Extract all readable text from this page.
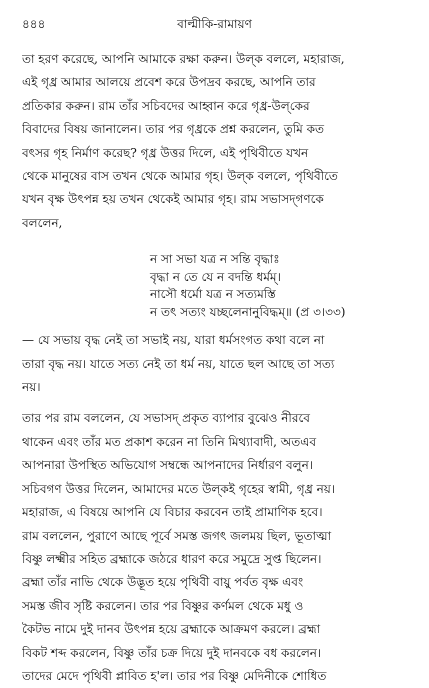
৪৪৪	বাল্মীকি-রামায়ণ

তা হরণ করেছে, আপনি আমাকে রক্ষা করুন। উল্‌ক বললে, মহারাজ,
এই গৃধ্র আমার আলয়ে প্রবেশ করে উপদ্রব করছে, আপনি তার
প্রতিকার করুন। রাম তাঁর সচিবদের আহ্বান করে গৃধ্র-উল্‌কের
বিবাদের বিষয় জানালেন। তার পর গৃধ্রকে প্রশ্ন করলেন, তুমি কত
বৎসর গৃহ নির্মাণ করেছ? গৃধ্র উত্তর দিলে, এই পৃথিবীতে যখন
থেকে মানুষের বাস তখন থেকে আমার গৃহ। উল্‌ক বললে, পৃথিবীতে
যখন বৃক্ষ উৎপন্ন হয় তখন থেকেই আমার গৃহ। রাম সভাসদ্‌গণকে
বললেন,

ন সা সভা যত্র ন সন্তি বৃদ্ধাঃ
বৃদ্ধা ন তে যে ন বদন্তি ধর্মম্‌।
নাসৌ ধর্মো যত্র ন সত্যমস্তি
ন তৎ সত্যং যচ্ছলেনানুবিদ্ধম্‌॥ (প্র ৩।৩৩)

— যে সভায় বৃদ্ধ নেই তা সভাই নয়, যারা ধর্মসংগত কথা বলে না
তারা বৃদ্ধ নয়। যাতে সত্য নেই তা ধর্ম নয়, যাতে ছল আছে তা সত্য
নয়।

তার পর রাম বললেন, যে সভাসদ্‌ প্রকৃত ব্যাপার বুঝেও নীরবে
থাকেন এবং তাঁর মত প্রকাশ করেন না তিনি মিথ্যাবাদী, অতএব
আপনারা উপস্থিত অভিযোগ সম্বন্ধে আপনাদের নির্ধারণ বলুন।
সচিবগণ উত্তর দিলেন, আমাদের মতে উল্‌কই গৃহের স্বামী, গৃধ্র নয়।
মহারাজ, এ বিষয়ে আপনি যে বিচার করবেন তাই প্রামাণিক হবে।
রাম বললেন, পুরাণে আছে পূর্বে সমস্ত জগৎ জলময় ছিল, ভূতাত্মা
বিষ্ণু লক্ষ্মীর সহিত ব্রহ্মাকে জঠরে ধারণ করে সমুদ্রে সুপ্ত ছিলেন।
ব্রহ্মা তাঁর নাভি থেকে উদ্ভূত হয়ে পৃথিবী বায়ু পর্বত বৃক্ষ এবং
সমস্ত জীব সৃষ্টি করলেন। তার পর বিষ্ণুর কর্ণমল থেকে মধু ও
কৈটভ নামে দুই দানব উৎপন্ন হয়ে ব্রহ্মাকে আক্রমণ করলে। ব্রহ্মা
বিকট শব্দ করলেন, বিষ্ণু তাঁর চক্র দিয়ে দুই দানবকে বধ করলেন।
তাদের মেদে পৃথিবী প্লাবিত হ'ল। তার পর বিষ্ণু মেদিনীকে শোধিত
